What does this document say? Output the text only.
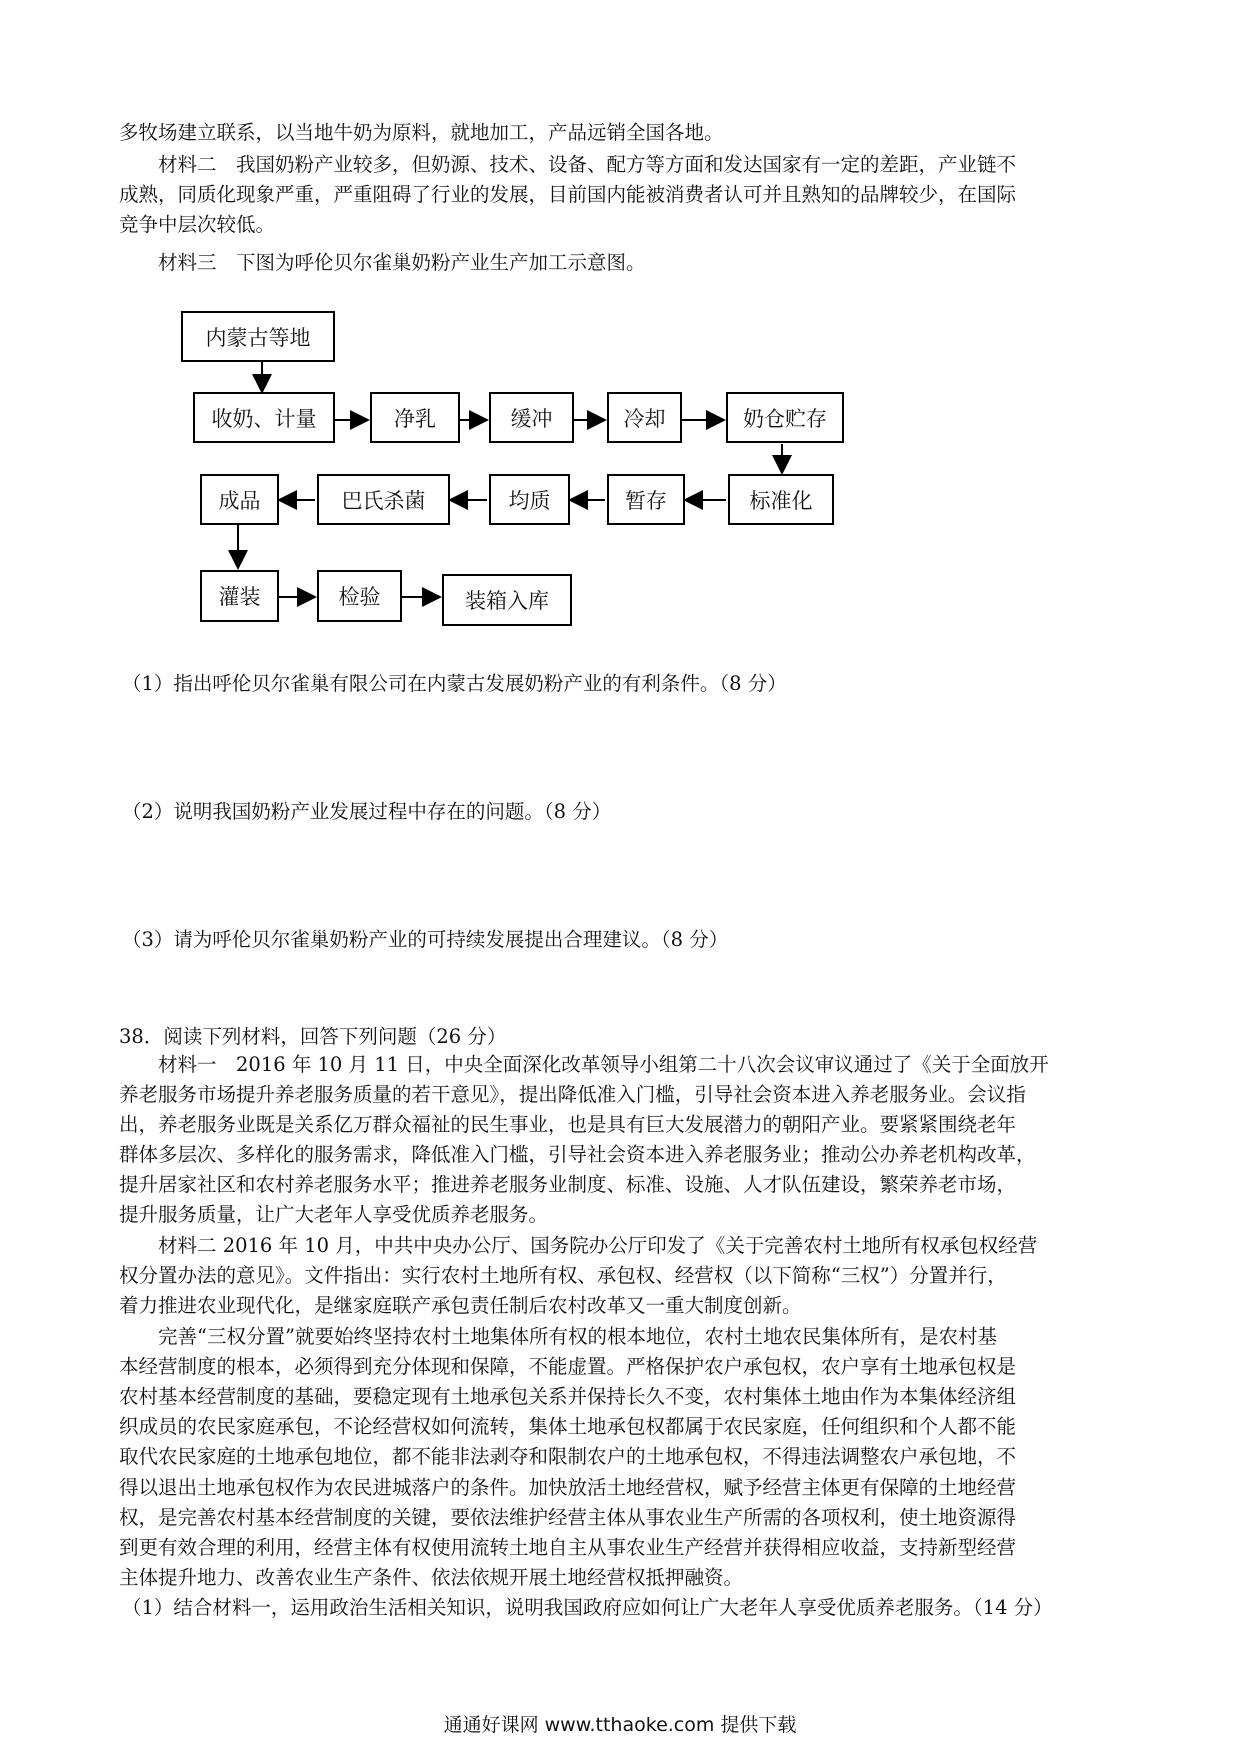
多牧场建立联系，以当地牛奶为原料，就地加工，产品远销全国各地。
　　材料二　我国奶粉产业较多，但奶源、技术、设备、配方等方面和发达国家有一定的差距，产业链不
成熟，同质化现象严重，严重阻碍了行业的发展，目前国内能被消费者认可并且熟知的品牌较少，在国际
竞争中层次较低。
　　材料三　下图为呼伦贝尔雀巢奶粉产业生产加工示意图。
内蒙古等地
收奶、计量	净乳	缓冲	冷却	奶仓贮存
成品	巴氏杀菌	均质	暂存	标准化
灌装	检验	装箱入库
（1）指出呼伦贝尔雀巢有限公司在内蒙古发展奶粉产业的有利条件。（8 分）
（2）说明我国奶粉产业发展过程中存在的问题。（8 分）
（3）请为呼伦贝尔雀巢奶粉产业的可持续发展提出合理建议。（8 分）
38．阅读下列材料，回答下列问题（26 分）
　　材料一　2016 年 10 月 11 日，中央全面深化改革领导小组第二十八次会议审议通过了《关于全面放开
养老服务市场提升养老服务质量的若干意见》，提出降低准入门槛，引导社会资本进入养老服务业。会议指
出，养老服务业既是关系亿万群众福祉的民生事业，也是具有巨大发展潜力的朝阳产业。要紧紧围绕老年
群体多层次、多样化的服务需求，降低准入门槛，引导社会资本进入养老服务业；推动公办养老机构改革，
提升居家社区和农村养老服务水平；推进养老服务业制度、标准、设施、人才队伍建设，繁荣养老市场，
提升服务质量，让广大老年人享受优质养老服务。
　　材料二 2016 年 10 月，中共中央办公厅、国务院办公厅印发了《关于完善农村土地所有权承包权经营
权分置办法的意见》。文件指出：实行农村土地所有权、承包权、经营权（以下简称“三权”）分置并行，
着力推进农业现代化，是继家庭联产承包责任制后农村改革又一重大制度创新。
　　完善“三权分置”就要始终坚持农村土地集体所有权的根本地位，农村土地农民集体所有，是农村基
本经营制度的根本，必须得到充分体现和保障，不能虚置。严格保护农户承包权，农户享有土地承包权是
农村基本经营制度的基础，要稳定现有土地承包关系并保持长久不变，农村集体土地由作为本集体经济组
织成员的农民家庭承包，不论经营权如何流转，集体土地承包权都属于农民家庭，任何组织和个人都不能
取代农民家庭的土地承包地位，都不能非法剥夺和限制农户的土地承包权，不得违法调整农户承包地，不
得以退出土地承包权作为农民进城落户的条件。加快放活土地经营权，赋予经营主体更有保障的土地经营
权，是完善农村基本经营制度的关键，要依法维护经营主体从事农业生产所需的各项权利，使土地资源得
到更有效合理的利用，经营主体有权使用流转土地自主从事农业生产经营并获得相应收益，支持新型经营
主体提升地力、改善农业生产条件、依法依规开展土地经营权抵押融资。
（1）结合材料一，运用政治生活相关知识，说明我国政府应如何让广大老年人享受优质养老服务。（14 分）
通通好课网 www.tthaoke.com 提供下载
